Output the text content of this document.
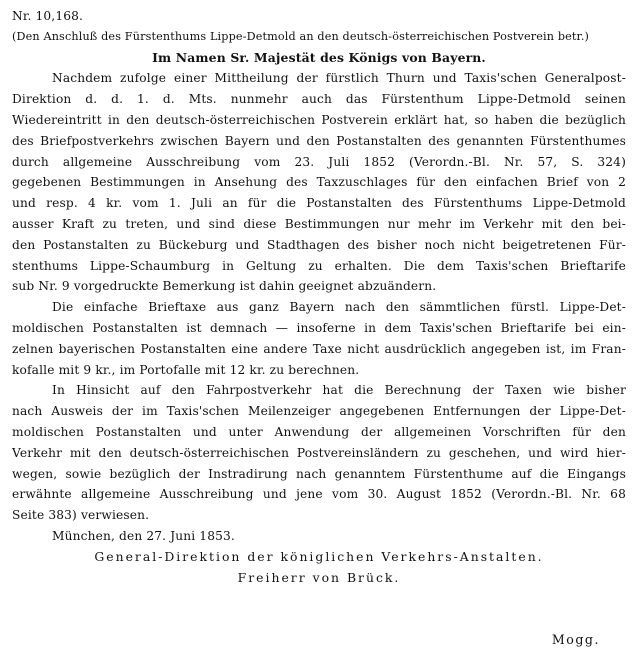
Nr. 10,168.
(Den Anschluß des Fürstenthums Lippe-Detmold an den deutsch-österreichischen Postverein betr.)
Im Namen Sr. Majestät des Königs von Bayern.
Nachdem zufolge einer Mittheilung der fürstlich Thurn und Taxis'schen Generalpost-
Direktion d. d. 1. d. Mts. nunmehr auch das Fürstenthum Lippe-Detmold seinen
Wiedereintritt in den deutsch-österreichischen Postverein erklärt hat, so haben die bezüglich
des Briefpostverkehrs zwischen Bayern und den Postanstalten des genannten Fürstenthumes
durch allgemeine Ausschreibung vom 23. Juli 1852 (Verordn.-Bl. Nr. 57, S. 324)
gegebenen Bestimmungen in Ansehung des Taxzuschlages für den einfachen Brief von 2
und resp. 4 kr. vom 1. Juli an für die Postanstalten des Fürstenthums Lippe-Detmold
ausser Kraft zu treten, und sind diese Bestimmungen nur mehr im Verkehr mit den bei-
den Postanstalten zu Bückeburg und Stadthagen des bisher noch nicht beigetretenen Für-
stenthums Lippe-Schaumburg in Geltung zu erhalten. Die dem Taxis'schen Brieftarife
sub Nr. 9 vorgedruckte Bemerkung ist dahin geeignet abzuändern.
Die einfache Brieftaxe aus ganz Bayern nach den sämmtlichen fürstl. Lippe-Det-
moldischen Postanstalten ist demnach — insoferne in dem Taxis'schen Brieftarife bei ein-
zelnen bayerischen Postanstalten eine andere Taxe nicht ausdrücklich angegeben ist, im Fran-
kofalle mit 9 kr., im Portofalle mit 12 kr. zu berechnen.
In Hinsicht auf den Fahrpostverkehr hat die Berechnung der Taxen wie bisher
nach Ausweis der im Taxis'schen Meilenzeiger angegebenen Entfernungen der Lippe-Det-
moldischen Postanstalten und unter Anwendung der allgemeinen Vorschriften für den
Verkehr mit den deutsch-österreichischen Postvereinsländern zu geschehen, und wird hier-
wegen, sowie bezüglich der Instradirung nach genanntem Fürstenthume auf die Eingangs
erwähnte allgemeine Ausschreibung und jene vom 30. August 1852 (Verordn.-Bl. Nr. 68
Seite 383) verwiesen.
München, den 27. Juni 1853.
General-Direktion der königlichen Verkehrs-Anstalten.
Freiherr von Brück.
Mogg.
